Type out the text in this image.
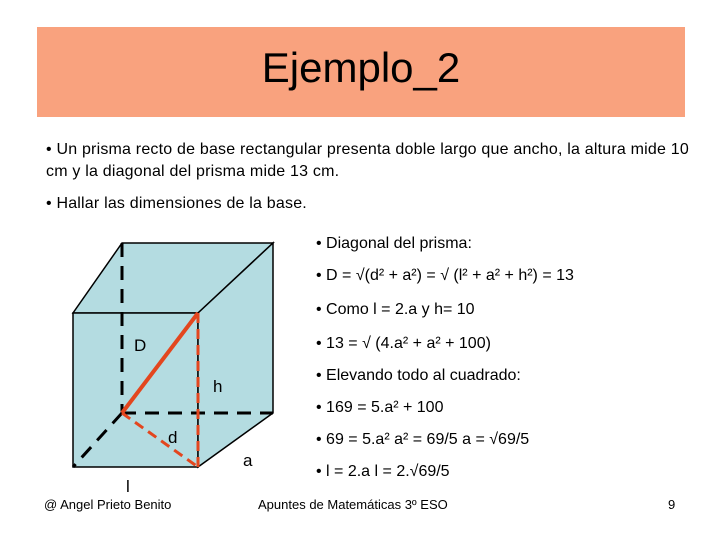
Ejemplo_2
• Un prisma recto de base rectangular presenta doble largo que ancho, la altura mide 10 cm y la diagonal del prisma mide 13 cm.
• Hallar las dimensiones de la base.
D
h
d
a
l
• Diagonal del prisma:
• D = √(d² + a²) = √ (l² + a² + h²) = 13
• Como l = 2.a y h= 10
• 13 = √ (4.a² + a² + 100)
• Elevando todo al cuadrado:
• 169 = 5.a² + 100
• 69 = 5.a² a² = 69/5 a = √69/5
• l = 2.a l = 2.√69/5
@ Angel Prieto Benito	Apuntes de Matemáticas 3º ESO	9
